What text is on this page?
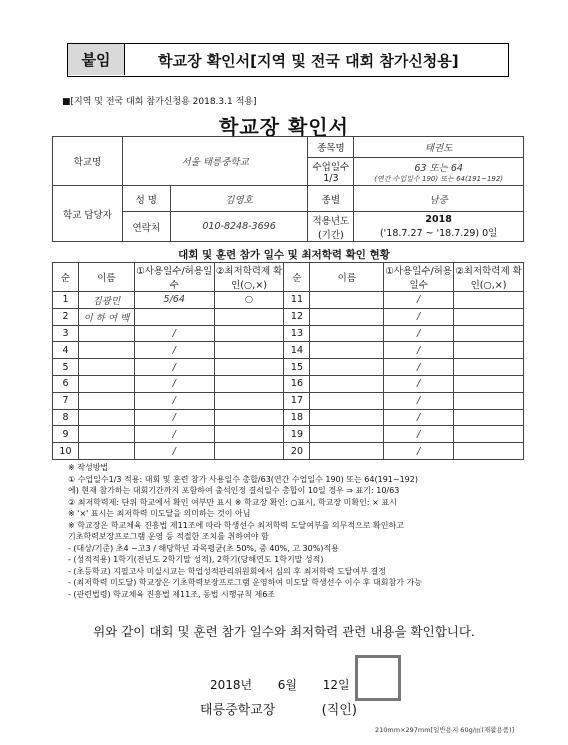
붙임	학교장 확인서[지역 및 전국 대회 참가신청용]
■[지역 및 전국 대회 참가신청용 2018.3.1 적용]
학교장 확인서
학교명	서울 태릉중학교		종목명	태권도
			수업일수 1/3	63 또는 64
(연간 수업일수 190) 또는 64(191~192)

학교 담당자	성 명	김영호	종별	남중
	연락처	010-8248-3696	적용년도 (기간)	2018
('18.7.27 ~ '18.7.29) 0일
대회 및 훈련 참가 일수 및 최저학력 확인 현황
순	이름	①사용일수/허용일수	②최저학력제 확인(○,×)	순	이름	①사용일수/허용일수	②최저학력제 확인(○,×)
1	김광민	5/64	○	11		/	
2	이 하 여 백			12		/	
3		/		13		/	
4		/		14		/	
5		/		15		/	
6		/		16		/	
7		/		17		/	
8		/		18		/	
9		/		19		/	
10		/		20		/	
※ 작성방법
① 수업일수1/3 적용: 대회 및 훈련 참가 사용일수 총합/63(연간 수업일수 190) 또는 64(191~192)
에) 현재 참가하는 대회기간까지 포함하여 출석인정 결석일수 총합이 10일 경우 ⇒ 표기: 10/63
② 최저학력제: 단위 학교에서 확인 여부만 표시 ※ 학교장 확인: ○표시, 학교장 미확인: × 표시
※ '×' 표시는 최저학력 미도달을 의미하는 것이 아님
※ 학교장은 학교체육 진흥법 제11조에 따라 학생선수 최저학력 도달여부를 의무적으로 확인하고
기초학력보장프로그램 운영 등 적절한 조치를 취하여야 함
- (대상/기준) 초4 ~고3 / 해당학년 과목평균(초 50%, 중 40%, 고 30%)적용
- (성적적용) 1학기(전년도 2학기말 성적), 2학기(당해연도 1학기말 성적)
- (초등학교) 지필고사 미실시교는 학업성적관리위원회에서 심의 후 최저학력 도달여부 결정
- (최저학력 미도달) 학교장은 기초학력보장프로그램 운영하여 미도달 학생선수 이수 후 대회참가 가능
- (관련법령) 학교체육 진흥법 제11조, 동법 시행규칙 제6조
위와 같이 대회 및 훈련 참가 일수와 최저학력 관련 내용을 확인합니다.
2018년 6월 12일
태릉중학교장	(직인)
210mm×297mm[일반용지 60g/㎡(재활용품)]
